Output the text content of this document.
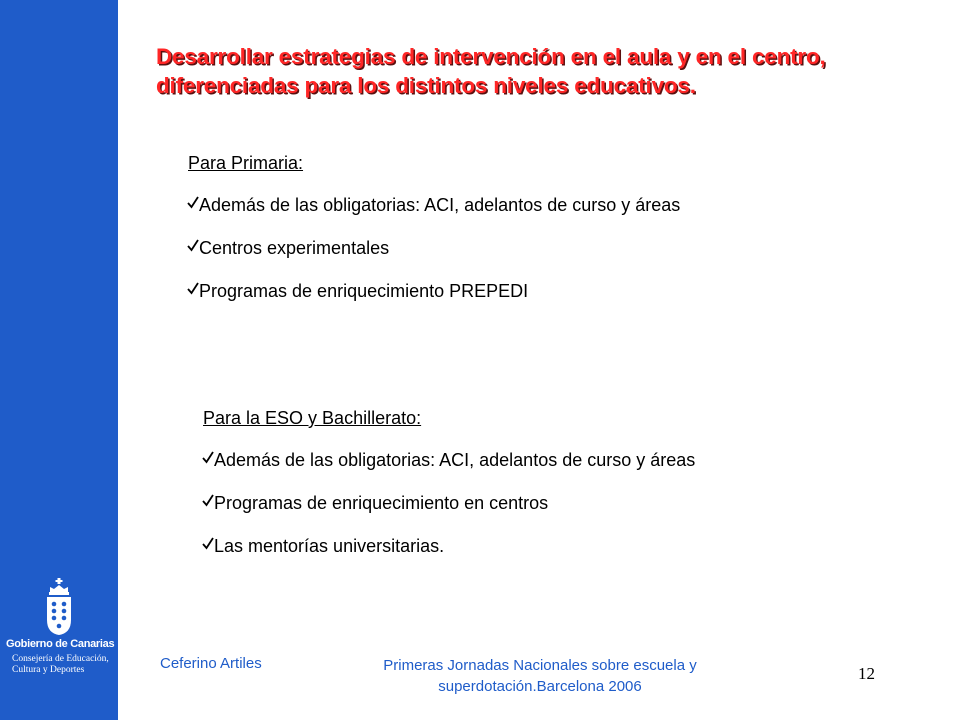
Gobierno de Canarias
Consejería de Educación,
Cultura y Deportes
Desarrollar estrategias de intervención en el aula y en el centro,
diferenciadas para los distintos niveles educativos.
Para Primaria:
Además de las obligatorias: ACI, adelantos de curso y áreas
Centros experimentales
Programas de enriquecimiento PREPEDI
Para la ESO y Bachillerato:
Además de las obligatorias: ACI, adelantos de curso y áreas
Programas de enriquecimiento en centros
Las mentorías universitarias.
Ceferino Artiles	Primeras Jornadas Nacionales sobre escuela y
superdotación.Barcelona 2006
12
